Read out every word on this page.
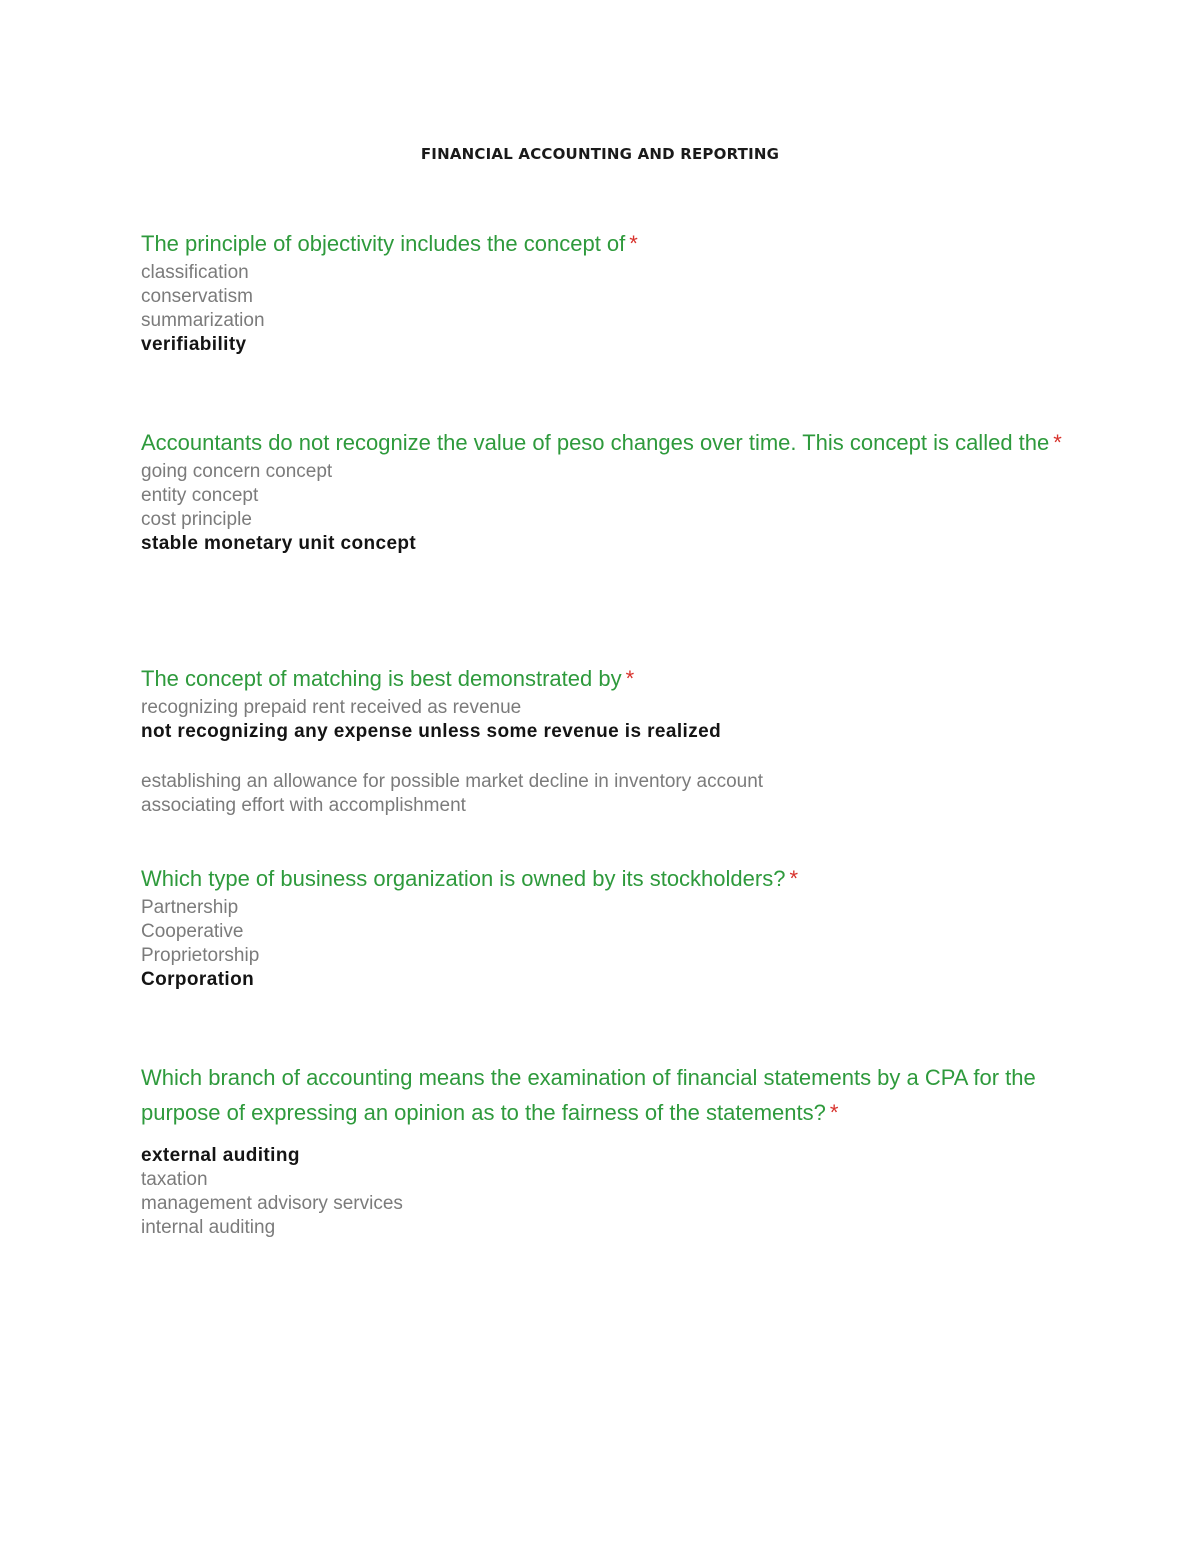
FINANCIAL ACCOUNTING AND REPORTING

The principle of objectivity includes the concept of *

classification
conservatism
summarization
verifiability

Accountants do not recognize the value of peso changes over time. This concept is called the *

going concern concept
entity concept
cost principle
stable monetary unit concept

The concept of matching is best demonstrated by *

recognizing prepaid rent received as revenue
not recognizing any expense unless some revenue is realized
establishing an allowance for possible market decline in inventory account
associating effort with accomplishment

Which type of business organization is owned by its stockholders? *

Partnership
Cooperative
Proprietorship
Corporation

Which branch of accounting means the examination of financial statements by a CPA for the purpose of expressing an opinion as to the fairness of the statements? *

external auditing
taxation
management advisory services
internal auditing
